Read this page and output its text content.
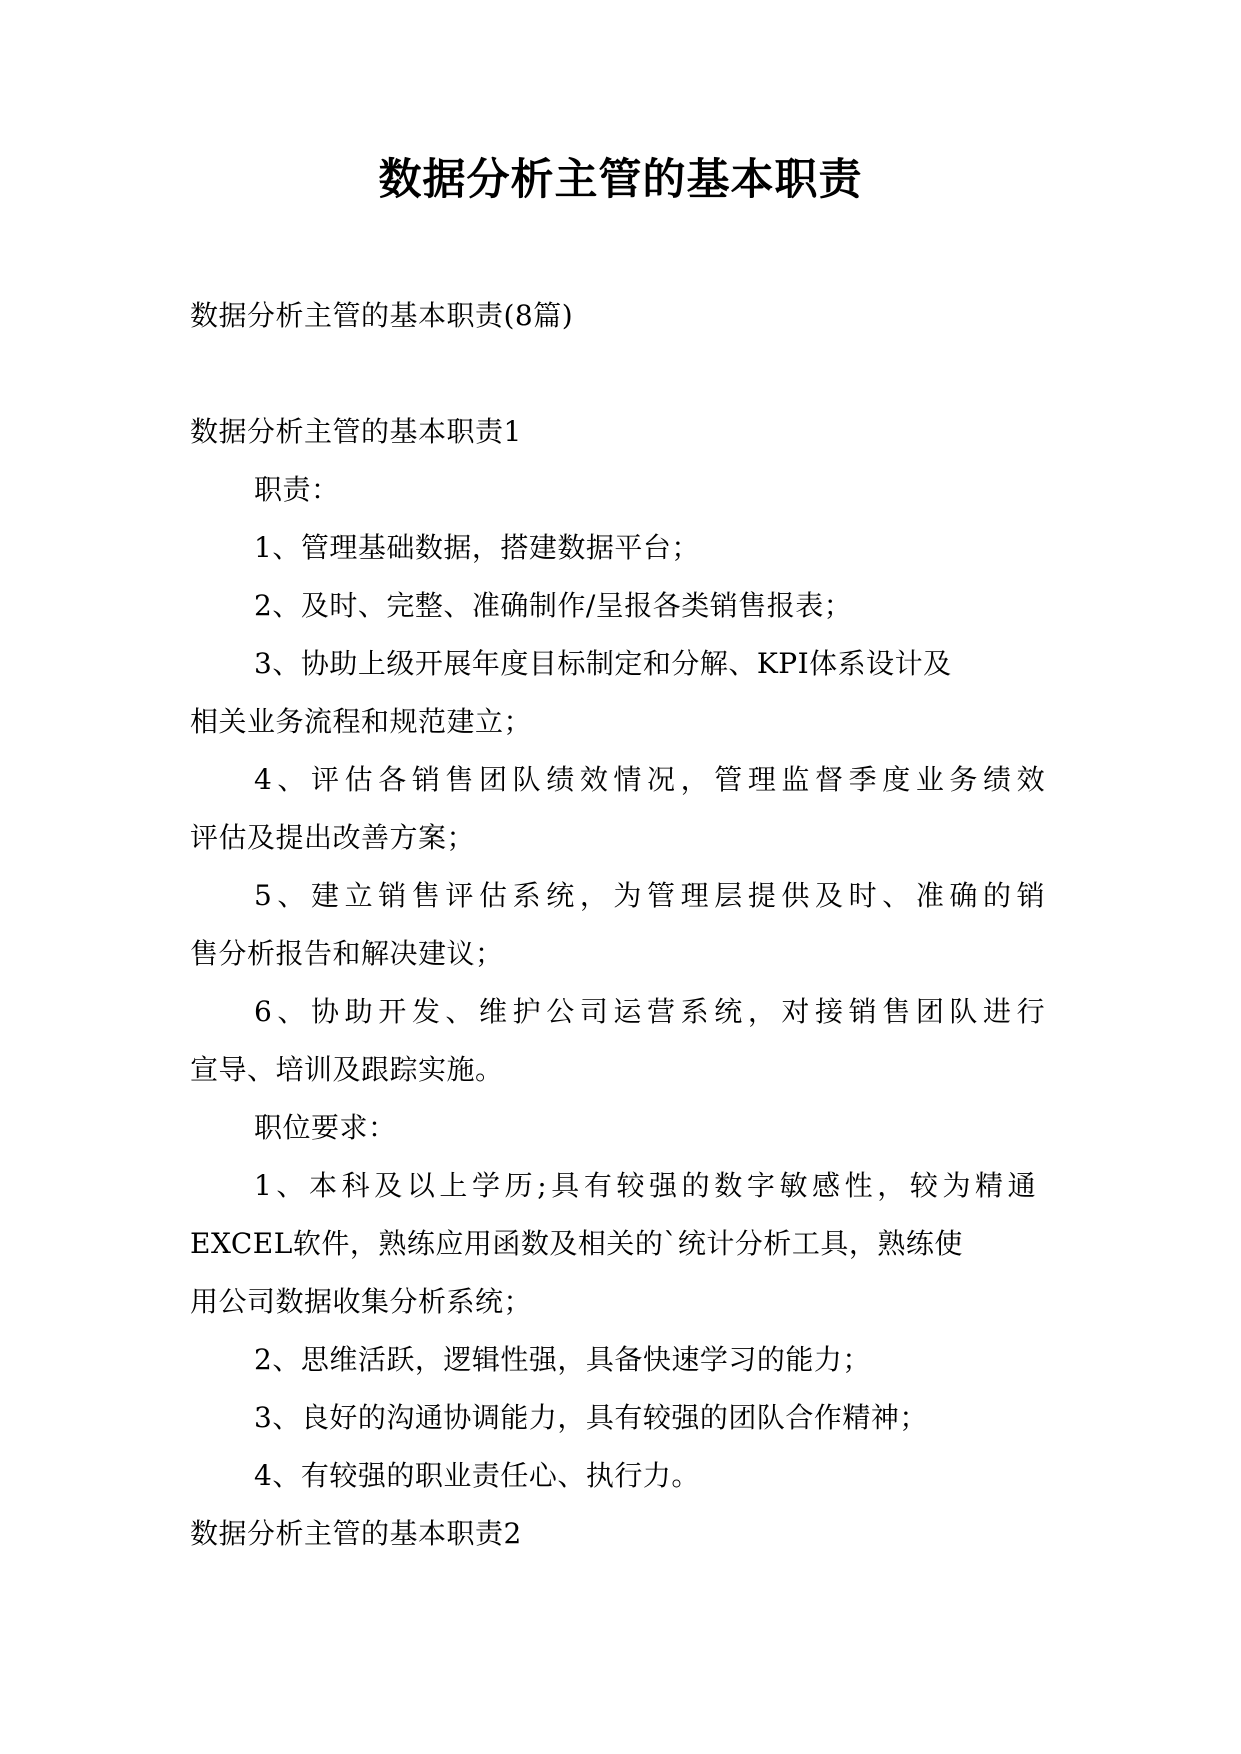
数据分析主管的基本职责
数据分析主管的基本职责(8篇)
数据分析主管的基本职责1
职责：
1、管理基础数据，搭建数据平台；
2、及时、完整、准确制作/呈报各类销售报表；
3、协助上级开展年度目标制定和分解、KPI体系设计及
相关业务流程和规范建立；
4、评估各销售团队绩效情况，管理监督季度业务绩效
评估及提出改善方案；
5、建立销售评估系统，为管理层提供及时、准确的销
售分析报告和解决建议；
6、协助开发、维护公司运营系统，对接销售团队进行
宣导、培训及跟踪实施。
职位要求：
1、本科及以上学历;具有较强的数字敏感性，较为精通
EXCEL软件，熟练应用函数及相关的`统计分析工具，熟练使
用公司数据收集分析系统；
2、思维活跃，逻辑性强，具备快速学习的能力；
3、良好的沟通协调能力，具有较强的团队合作精神；
4、有较强的职业责任心、执行力。
数据分析主管的基本职责2
